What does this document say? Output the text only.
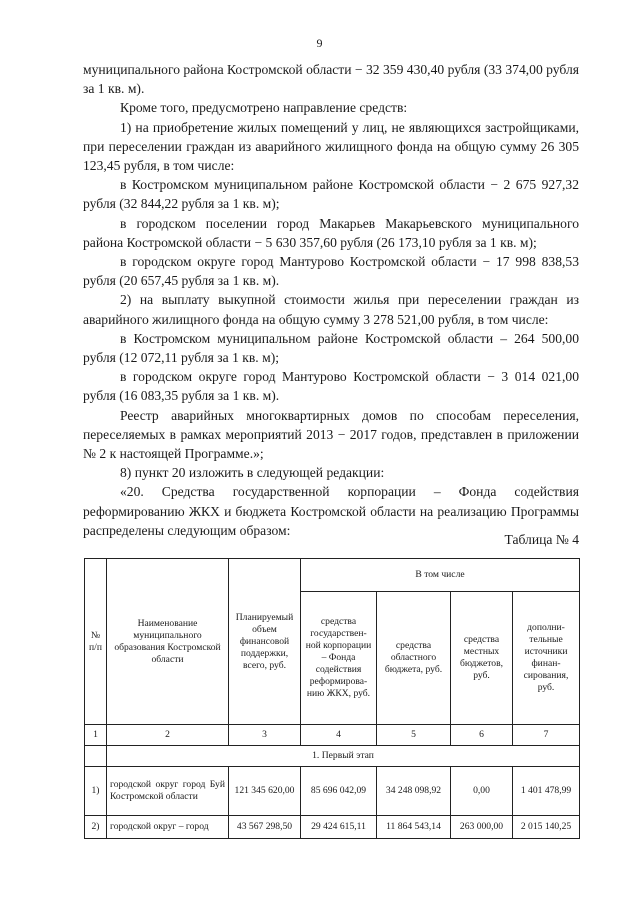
9

муниципального района Костромской области − 32 359 430,40 рубля (33 374,00 рубля за 1 кв. м).

Кроме того, предусмотрено направление средств:

1) на приобретение жилых помещений у лиц, не являющихся застройщиками, при переселении граждан из аварийного жилищного фонда на общую сумму 26 305 123,45 рубля, в том числе:

в Костромском муниципальном районе Костромской области − 2 675 927,32 рубля (32 844,22 рубля за 1 кв. м);

в городском поселении город Макарьев Макарьевского муниципального района Костромской области − 5 630 357,60 рубля (26 173,10 рубля за 1 кв. м);

в городском округе город Мантурово Костромской области − 17 998 838,53 рубля (20 657,45 рубля за 1 кв. м).

2) на выплату выкупной стоимости жилья при переселении граждан из аварийного жилищного фонда на общую сумму 3 278 521,00 рубля, в том числе:

в Костромском муниципальном районе Костромской области – 264 500,00 рубля (12 072,11 рубля за 1 кв. м);

в городском округе город Мантурово Костромской области − 3 014 021,00 рубля (16 083,35 рубля за 1 кв. м).

Реестр аварийных многоквартирных домов по способам переселения, переселяемых в рамках мероприятий 2013 − 2017 годов, представлен в приложении № 2 к настоящей Программе.»;

8) пункт 20 изложить в следующей редакции:

«20. Средства государственной корпорации – Фонда содействия реформированию ЖКХ и бюджета Костромской области на реализацию Программы распределены следующим образом:

Таблица № 4
№ п/п	Наименование муниципального образования Костромской области	Планируемый объем финансовой поддержки, всего, руб.	В том числе			
			средства государствен-ной корпорации – Фонда содействия реформирова-нию ЖКХ, руб.	средства областного бюджета, руб.	средства местных бюджетов, руб.	дополни-тельные источники финан-сирования, руб.
1	2	3	4	5	6	7
	1. Первый этап					
1)	городской округ город Буй Костромской области	121 345 620,00	85 696 042,09	34 248 098,92	0,00	1 401 478,99
2)	городской округ – город	43 567 298,50	29 424 615,11	11 864 543,14	263 000,00	2 015 140,25
